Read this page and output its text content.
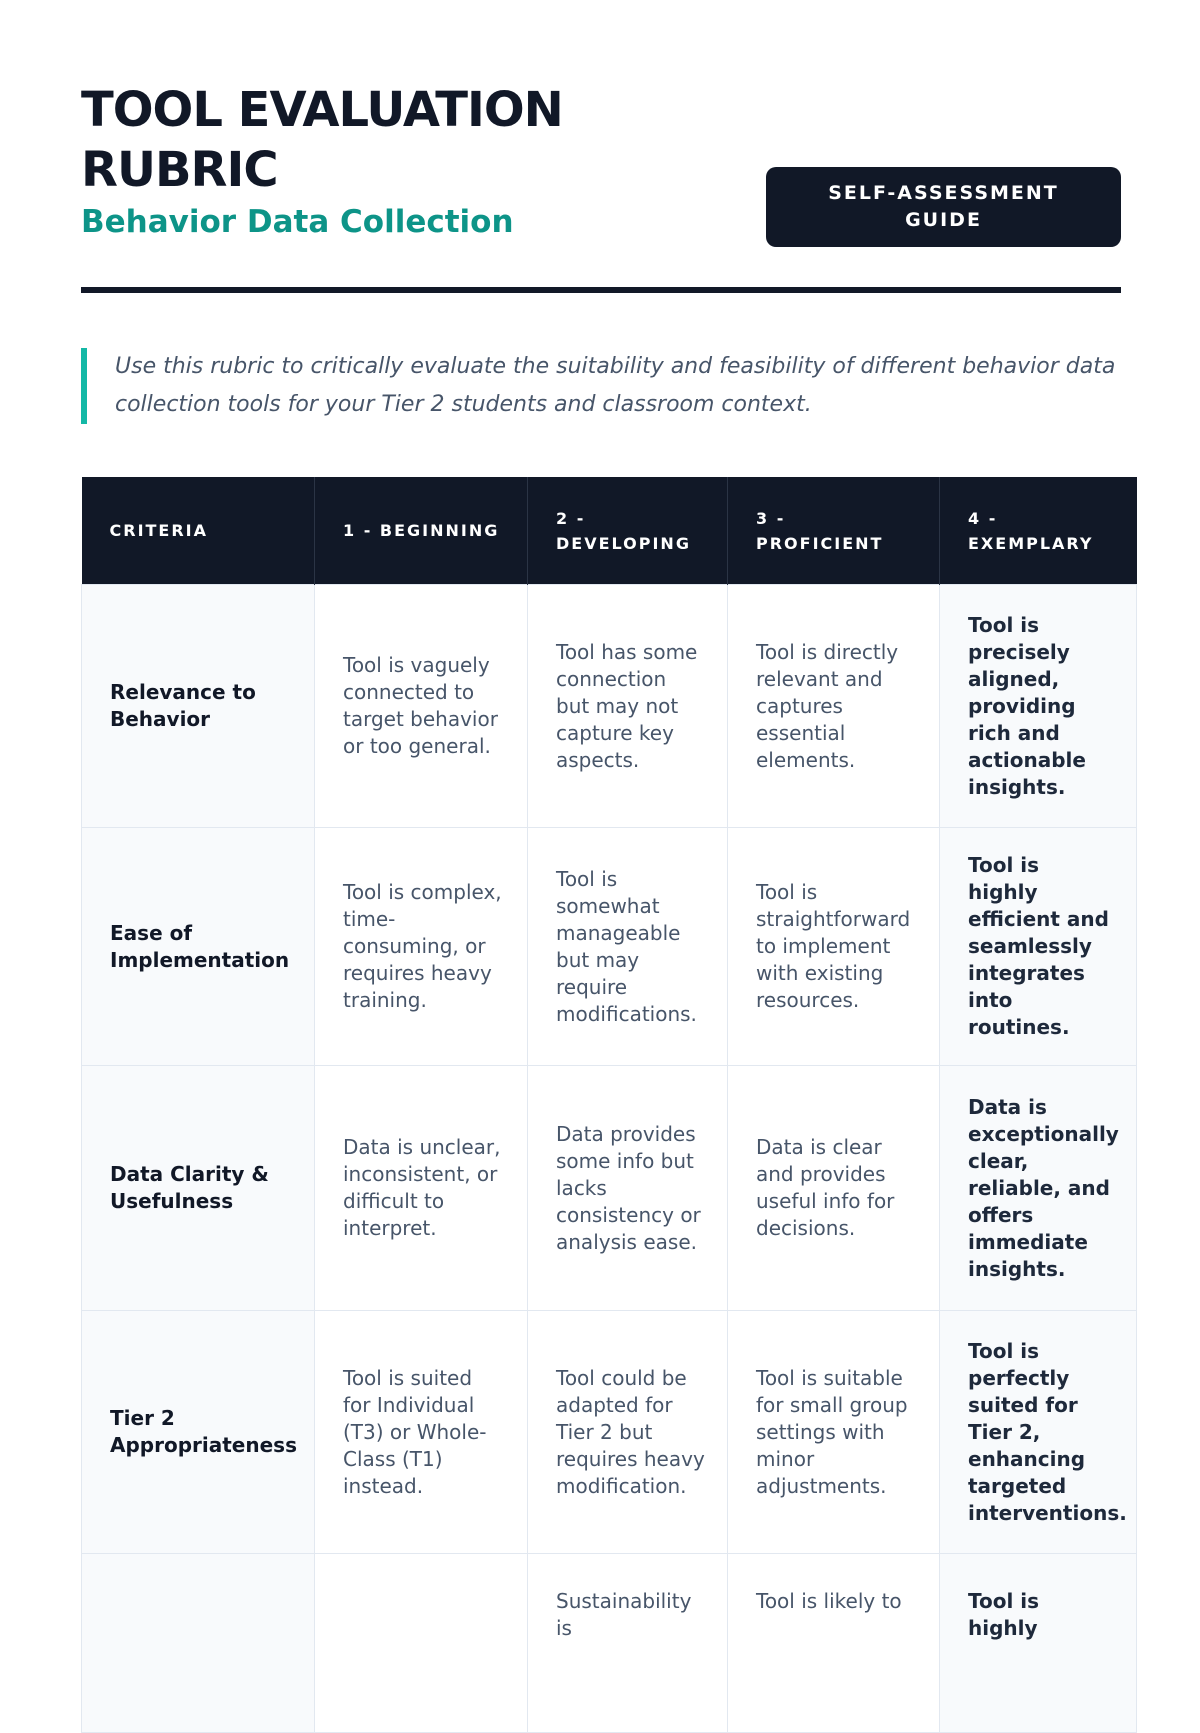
TOOL EVALUATION RUBRIC
Behavior Data Collection
SELF-ASSESSMENT GUIDE
Use this rubric to critically evaluate the suitability and feasibility of different behavior data collection tools for your Tier 2 students and classroom context.
CRITERIA	1 - BEGINNING	2 - DEVELOPING	3 - PROFICIENT	4 - EXEMPLARY
Relevance to Behavior	Tool is vaguely connected to target behavior or too general.	Tool has some connection but may not capture key aspects.	Tool is directly relevant and captures essential elements.	Tool is precisely aligned, providing rich and actionable insights.
Ease of Implementation	Tool is complex, time-consuming, or requires heavy training.	Tool is somewhat manageable but may require modifications.	Tool is straightforward to implement with existing resources.	Tool is highly efficient and seamlessly integrates into routines.
Data Clarity & Usefulness	Data is unclear, inconsistent, or difficult to interpret.	Data provides some info but lacks consistency or analysis ease.	Data is clear and provides useful info for decisions.	Data is exceptionally clear, reliable, and offers immediate insights.
Tier 2 Appropriateness	Tool is suited for Individual (T3) or Whole-Class (T1) instead.	Tool could be adapted for Tier 2 but requires heavy modification.	Tool is suitable for small group settings with minor adjustments.	Tool is perfectly suited for Tier 2, enhancing targeted interventions.
		Sustainability is	Tool is likely to	Tool is highly
